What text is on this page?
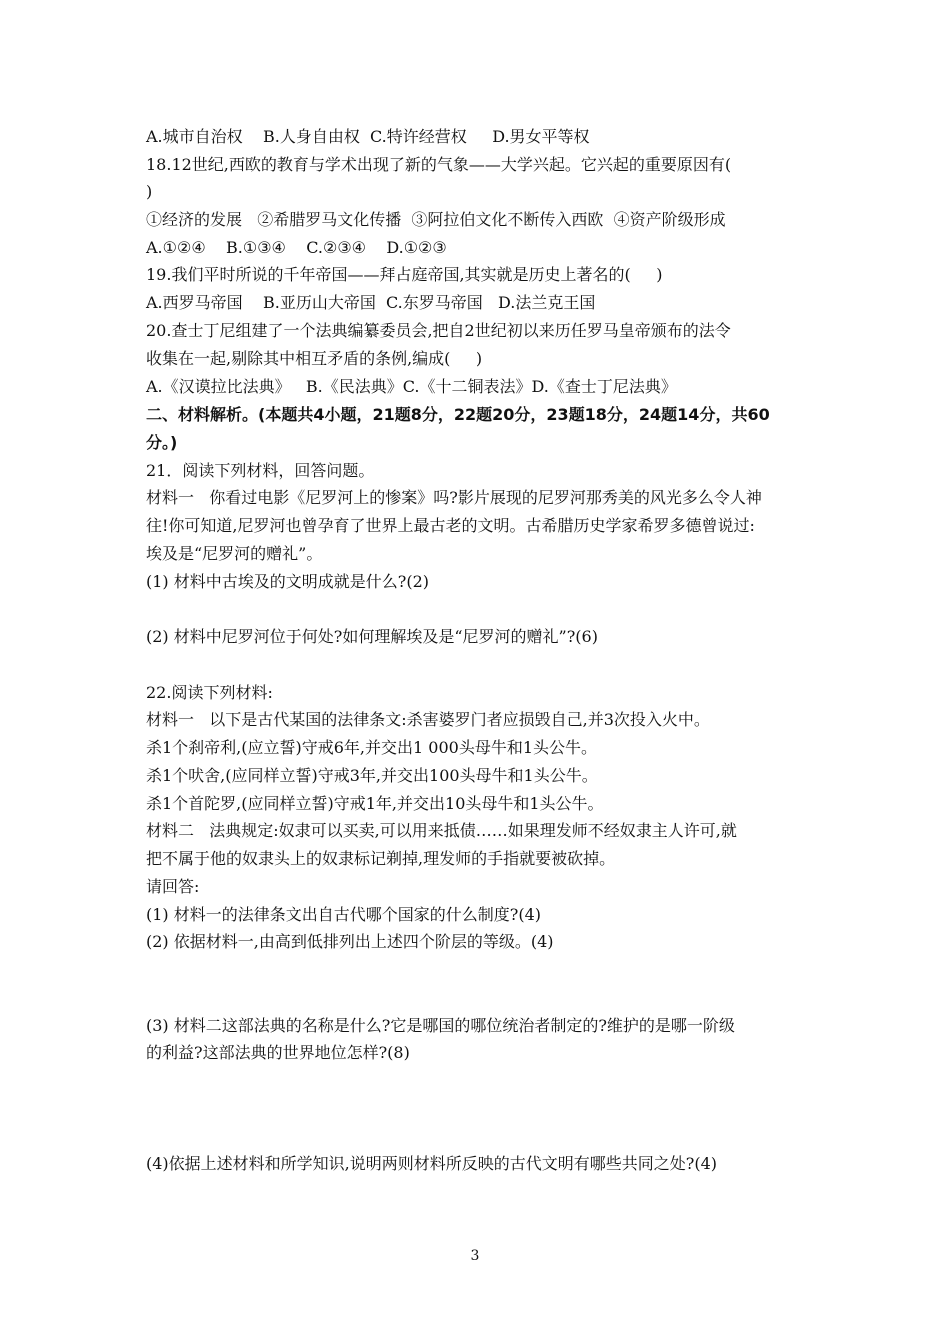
A.城市自治权    B.人身自由权  C.特许经营权     D.男女平等权
18.12世纪,西欧的教育与学术出现了新的气象——大学兴起。它兴起的重要原因有(
)
①经济的发展   ②希腊罗马文化传播  ③阿拉伯文化不断传入西欧  ④资产阶级形成
A.①②④    B.①③④    C.②③④    D.①②③
19.我们平时所说的千年帝国——拜占庭帝国,其实就是历史上著名的(     )
A.西罗马帝国    B.亚历山大帝国  C.东罗马帝国   D.法兰克王国
20.查士丁尼组建了一个法典编纂委员会,把自2世纪初以来历任罗马皇帝颁布的法令
收集在一起,剔除其中相互矛盾的条例,编成(     )
A.《汉谟拉比法典》   B.《民法典》C.《十二铜表法》D.《查士丁尼法典》
二、材料解析。(本题共4小题，21题8分，22题20分，23题18分，24题14分，共60
分。)
21．阅读下列材料，回答问题。
材料一   你看过电影《尼罗河上的惨案》吗?影片展现的尼罗河那秀美的风光多么令人神
往!你可知道,尼罗河也曾孕育了世界上最古老的文明。古希腊历史学家希罗多德曾说过:
埃及是“尼罗河的赠礼”。
(1) 材料中古埃及的文明成就是什么?(2)
(2) 材料中尼罗河位于何处?如何理解埃及是“尼罗河的赠礼”?(6)
22.阅读下列材料:
材料一   以下是古代某国的法律条文:杀害婆罗门者应损毁自己,并3次投入火中。
杀1个刹帝利,(应立誓)守戒6年,并交出1 000头母牛和1头公牛。
杀1个吠舍,(应同样立誓)守戒3年,并交出100头母牛和1头公牛。
杀1个首陀罗,(应同样立誓)守戒1年,并交出10头母牛和1头公牛。
材料二   法典规定:奴隶可以买卖,可以用来抵债……如果理发师不经奴隶主人许可,就
把不属于他的奴隶头上的奴隶标记剃掉,理发师的手指就要被砍掉。
请回答:
(1) 材料一的法律条文出自古代哪个国家的什么制度?(4)
(2) 依据材料一,由高到低排列出上述四个阶层的等级。(4)
(3) 材料二这部法典的名称是什么?它是哪国的哪位统治者制定的?维护的是哪一阶级
的利益?这部法典的世界地位怎样?(8)
(4)依据上述材料和所学知识,说明两则材料所反映的古代文明有哪些共同之处?(4)
3
